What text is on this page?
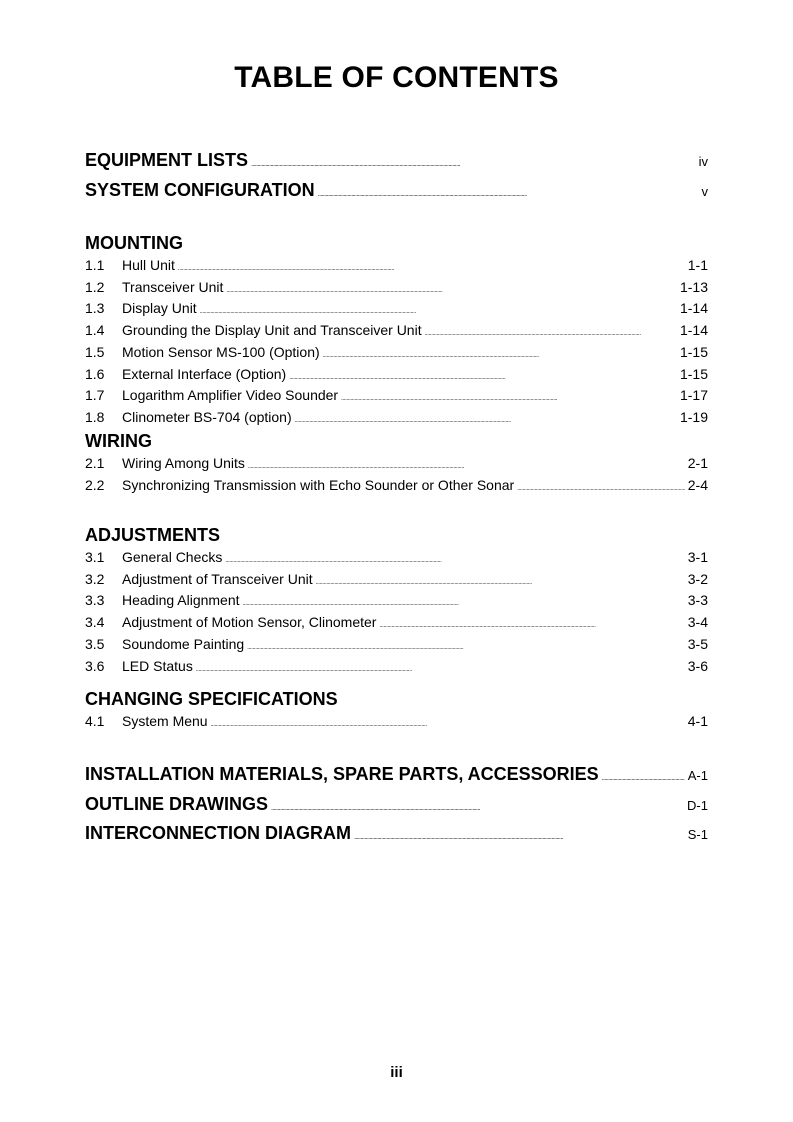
TABLE OF CONTENTS
EQUIPMENT LISTS . . .	iv
SYSTEM CONFIGURATION . . .	v
MOUNTING
1.1	Hull Unit . . .	1-1
1.2	Transceiver Unit . . .	1-13
1.3	Display Unit . . .	1-14
1.4	Grounding the Display Unit and Transceiver Unit . . .	1-14
1.5	Motion Sensor MS-100 (Option) . . .	1-15
1.6	External Interface (Option) . . .	1-15
1.7	Logarithm Amplifier Video Sounder . . .	1-17
1.8	Clinometer BS-704 (option) . . .	1-19
WIRING
2.1	Wiring Among Units . . .	2-1
2.2	Synchronizing Transmission with Echo Sounder or Other Sonar . . .	2-4
ADJUSTMENTS
3.1	General Checks . . .	3-1
3.2	Adjustment of Transceiver Unit . . .	3-2
3.3	Heading Alignment . . .	3-3
3.4	Adjustment of Motion Sensor, Clinometer . . .	3-4
3.5	Soundome Painting . . .	3-5
3.6	LED Status . . .	3-6
CHANGING SPECIFICATIONS
4.1	System Menu . . .	4-1
INSTALLATION MATERIALS, SPARE PARTS, ACCESSORIES . . .	A-1
OUTLINE DRAWINGS . . .	D-1
INTERCONNECTION DIAGRAM . . .	S-1
iii
